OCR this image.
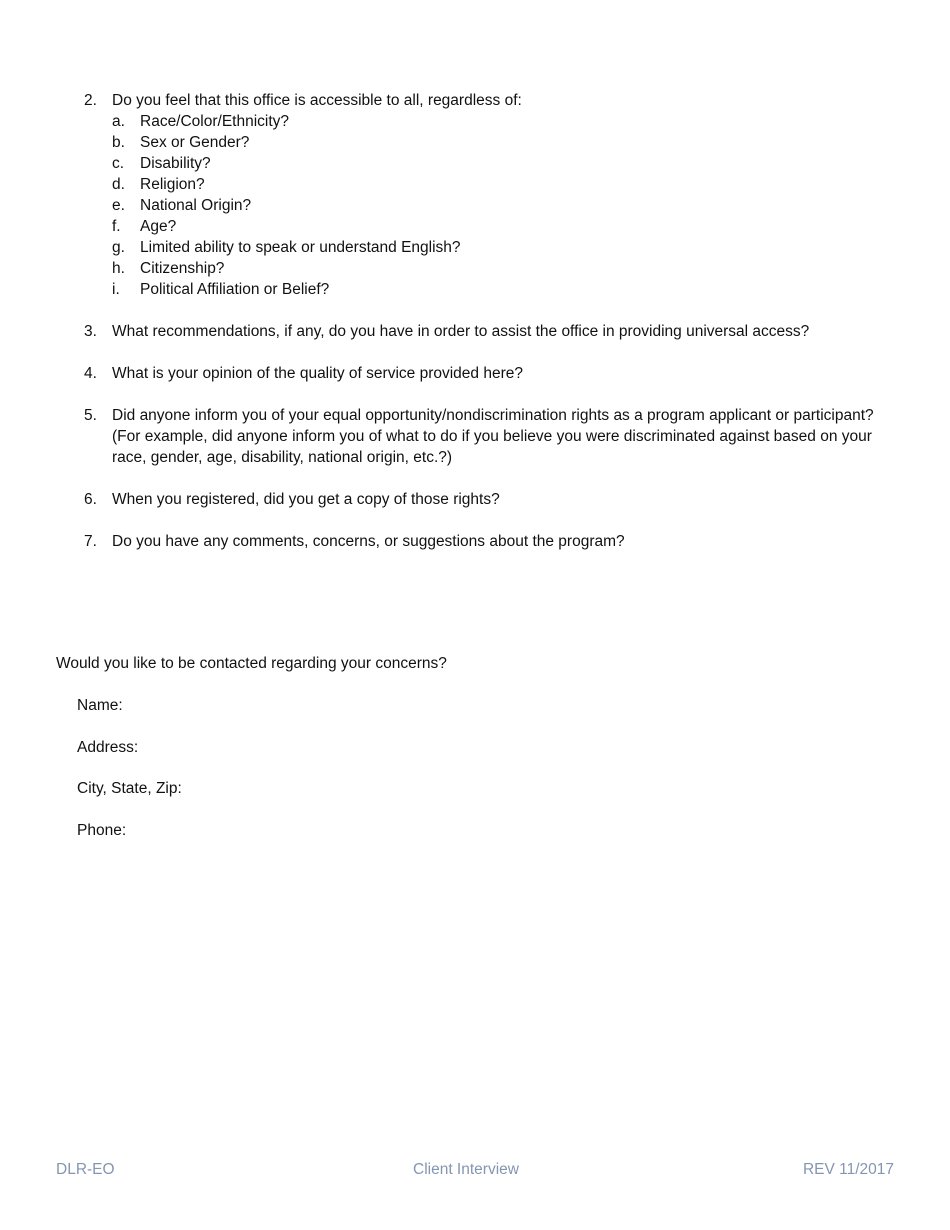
2. Do you feel that this office is accessible to all, regardless of:
a. Race/Color/Ethnicity?
b. Sex or Gender?
c. Disability?
d. Religion?
e. National Origin?
f. Age?
g. Limited ability to speak or understand English?
h. Citizenship?
i. Political Affiliation or Belief?
3. What recommendations, if any, do you have in order to assist the office in providing universal access?
4. What is your opinion of the quality of service provided here?
5. Did anyone inform you of your equal opportunity/nondiscrimination rights as a program applicant or participant? (For example, did anyone inform you of what to do if you believe you were discriminated against based on your race, gender, age, disability, national origin, etc.?)
6. When you registered, did you get a copy of those rights?
7. Do you have any comments, concerns, or suggestions about the program?
Would you like to be contacted regarding your concerns?
Name:
Address:
City, State, Zip:
Phone:
DLR-EO	Client Interview	REV 11/2017
